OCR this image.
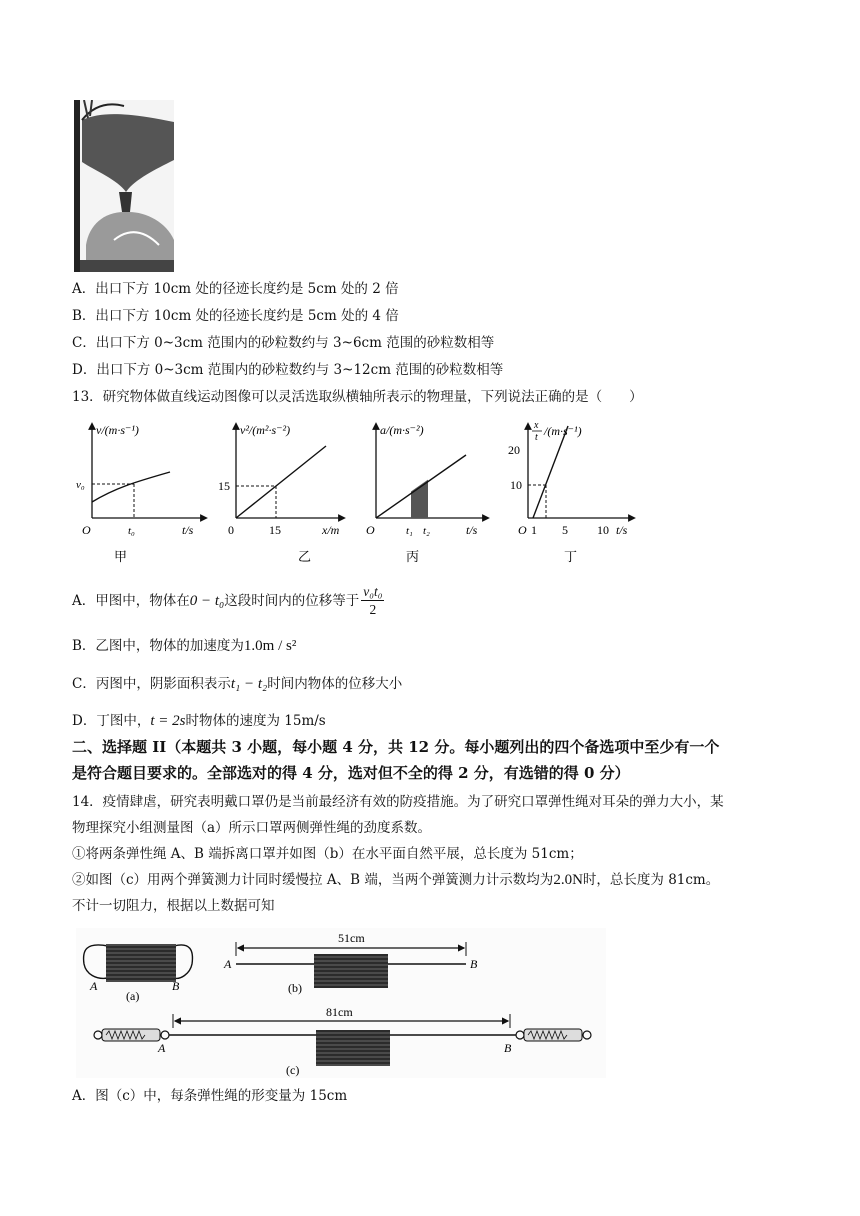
A．出口下方 10cm 处的径迹长度约是 5cm 处的 2 倍
B．出口下方 10cm 处的径迹长度约是 5cm 处的 4 倍
C．出口下方 0~3cm 范围内的砂粒数约与 3~6cm 范围的砂粒数相等
D．出口下方 0~3cm 范围内的砂粒数约与 3~12cm 范围的砂粒数相等
13．研究物体做直线运动图像可以灵活选取纵横轴所表示的物理量，下列说法正确的是（　　）
v/(m·s⁻¹)
t/s
O
v₀
t₀
v²/(m²·s⁻²)
x/m
0
15
15
a/(m·s⁻²)
t/s
O	t₁ t₂
x
t /(m·s⁻¹)
t/s
O
20
10
1 5 10
甲	乙	丙	丁
A．甲图中，物体在0 − t₀这段时间内的位移等于 $\frac{\text{v₀t₀}}{2}$
B．乙图中，物体的加速度为1.0m / s²
C．丙图中，阴影面积表示t₁ − t₂时间内物体的位移大小
D．丁图中，t = 2s时物体的速度为 15m/s
二、选择题 II（本题共 3 小题，每小题 4 分，共 12 分。每小题列出的四个备选项中至少有一个
是符合题目要求的。全部选对的得 4 分，选对但不全的得 2 分，有选错的得 0 分）
14．疫情肆虐，研究表明戴口罩仍是当前最经济有效的防疫措施。为了研究口罩弹性绳对耳朵的弹力大小，某
物理探究小组测量图（a）所示口罩两侧弹性绳的劲度系数。
①将两条弹性绳 A、B 端拆离口罩并如图（b）在水平面自然平展，总长度为 51cm；
②如图（c）用两个弹簧测力计同时缓慢拉 A、B 端，当两个弹簧测力计示数均为2.0N时，总长度为 81cm。
不计一切阻力，根据以上数据可知
A	B
(a)
51cm
A	B
(b)
81cm
A	B
(c)
A．图（c）中，每条弹性绳的形变量为 15cm
